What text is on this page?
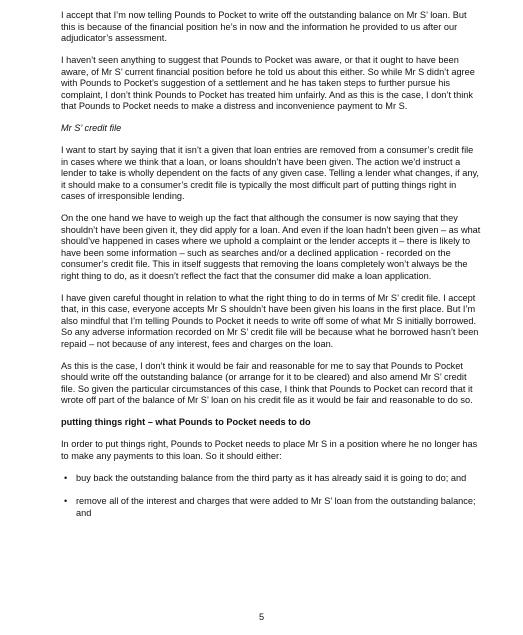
I accept that I’m now telling Pounds to Pocket to write off the outstanding balance on Mr S’ loan. But this is because of the financial position he’s in now and the information he provided to us after our adjudicator’s assessment.

I haven’t seen anything to suggest that Pounds to Pocket was aware, or that it ought to have been aware, of Mr S’ current financial position before he told us about this either. So while Mr S didn’t agree with Pounds to Pocket’s suggestion of a settlement and he has taken steps to further pursue his complaint, I don’t think Pounds to Pocket has treated him unfairly. And as this is the case, I don’t think that Pounds to Pocket needs to make a distress and inconvenience payment to Mr S.

Mr S’ credit file

I want to start by saying that it isn’t a given that loan entries are removed from a consumer’s credit file in cases where we think that a loan, or loans shouldn’t have been given. The action we’d instruct a lender to take is wholly dependent on the facts of any given case. Telling a lender what changes, if any, it should make to a consumer’s credit file is typically the most difficult part of putting things right in cases of irresponsible lending.

On the one hand we have to weigh up the fact that although the consumer is now saying that they shouldn’t have been given it, they did apply for a loan. And even if the loan hadn’t been given – as what should’ve happened in cases where we uphold a complaint or the lender accepts it – there is likely to have been some information – such as searches and/or a declined application - recorded on the consumer’s credit file. This in itself suggests that removing the loans completely won’t always be the right thing to do, as it doesn’t reflect the fact that the consumer did make a loan application.

I have given careful thought in relation to what the right thing to do in terms of Mr S’ credit file. I accept that, in this case, everyone accepts Mr S shouldn’t have been given his loans in the first place. But I’m also mindful that I’m telling Pounds to Pocket it needs to write off some of what Mr S initially borrowed. So any adverse information recorded on Mr S’ credit file will be because what he borrowed hasn’t been repaid – not because of any interest, fees and charges on the loan.

As this is the case, I don’t think it would be fair and reasonable for me to say that Pounds to Pocket should write off the outstanding balance (or arrange for it to be cleared) and also amend Mr S’ credit file. So given the particular circumstances of this case, I think that Pounds to Pocket can record that it wrote off part of the balance of Mr S’ loan on his credit file as it would be fair and reasonable to do so.

putting things right – what Pounds to Pocket needs to do

In order to put things right, Pounds to Pocket needs to place Mr S in a position where he no longer has to make any payments to this loan. So it should either:

• buy back the outstanding balance from the third party as it has already said it is going to do; and
• remove all of the interest and charges that were added to Mr S’ loan from the outstanding balance; and
5
